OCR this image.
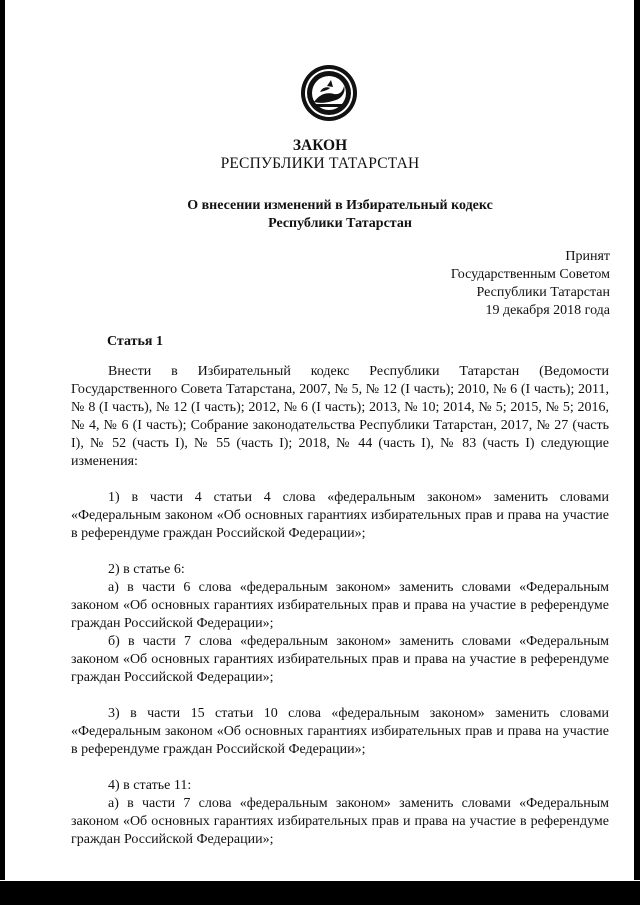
ЗАКОН

РЕСПУБЛИКИ ТАТАРСТАН

О внесении изменений в Избирательный кодекс
Республики Татарстан
Принят
Государственным Советом
Республики Татарстан
19 декабря 2018 года
Статья 1

Внести в Избирательный кодекс Республики Татарстан (Ведомости Государственного Совета Татарстана, 2007, № 5, № 12 (I часть); 2010, № 6 (I часть); 2011, № 8 (I часть), № 12 (I часть); 2012, № 6 (I часть); 2013, № 10; 2014, № 5; 2015, № 5; 2016, № 4, № 6 (I часть); Собрание законодательства Республики Татарстан, 2017, № 27 (часть I), № 52 (часть I), № 55 (часть I); 2018, № 44 (часть I), № 83 (часть I) следующие изменения:

1) в части 4 статьи 4 слова «федеральным законом» заменить словами «Федеральным законом «Об основных гарантиях избирательных прав и права на участие в референдуме граждан Российской Федерации»;

2) в статье 6:

а) в части 6 слова «федеральным законом» заменить словами «Федеральным законом «Об основных гарантиях избирательных прав и права на участие в референдуме граждан Российской Федерации»;

б) в части 7 слова «федеральным законом» заменить словами «Федеральным законом «Об основных гарантиях избирательных прав и права на участие в референдуме граждан Российской Федерации»;

3) в части 15 статьи 10 слова «федеральным законом» заменить словами «Федеральным законом «Об основных гарантиях избирательных прав и права на участие в референдуме граждан Российской Федерации»;

4) в статье 11:

а) в части 7 слова «федеральным законом» заменить словами «Федеральным законом «Об основных гарантиях избирательных прав и права на участие в референдуме граждан Российской Федерации»;
